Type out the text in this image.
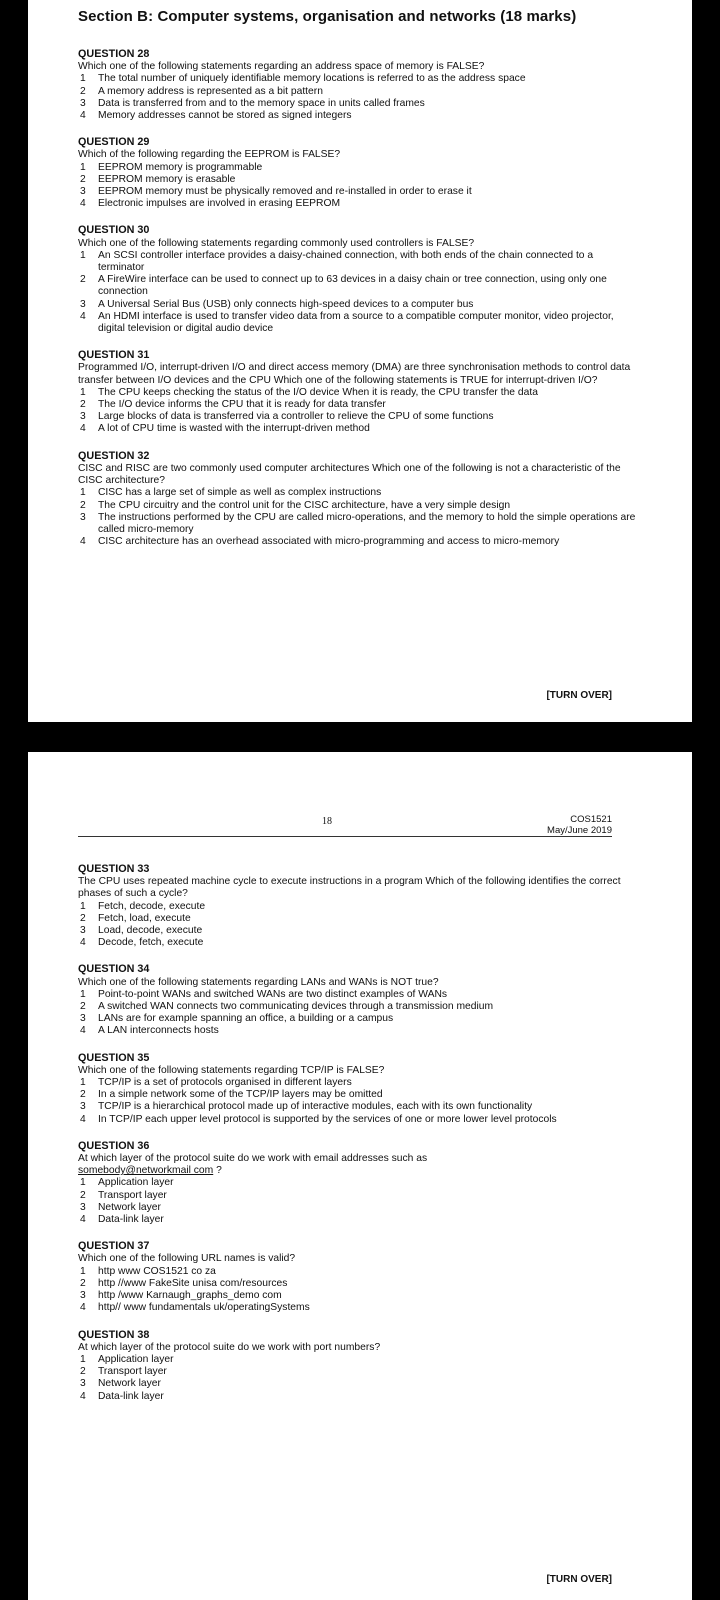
Section B: Computer systems, organisation and networks (18 marks)
QUESTION 28
Which one of the following statements regarding an address space of memory is FALSE?
1	The total number of uniquely identifiable memory locations is referred to as the address space
2	A memory address is represented as a bit pattern
3	Data is transferred from and to the memory space in units called frames
4	Memory addresses cannot be stored as signed integers
QUESTION 29
Which of the following regarding the EEPROM is FALSE?
1	EEPROM memory is programmable
2	EEPROM memory is erasable
3	EEPROM memory must be physically removed and re-installed in order to erase it
4	Electronic impulses are involved in erasing EEPROM
QUESTION 30
Which one of the following statements regarding commonly used controllers is FALSE?
1	An SCSI controller interface provides a daisy-chained connection, with both ends of the chain connected to a terminator
2	A FireWire interface can be used to connect up to 63 devices in a daisy chain or tree connection, using only one connection
3	A Universal Serial Bus (USB) only connects high-speed devices to a computer bus
4	An HDMI interface is used to transfer video data from a source to a compatible computer monitor, video projector, digital television or digital audio device
QUESTION 31
Programmed I/O, interrupt-driven I/O and direct access memory (DMA) are three synchronisation methods to control data transfer between I/O devices and the CPU Which one of the following statements is TRUE for interrupt-driven I/O?
1	The CPU keeps checking the status of the I/O device When it is ready, the CPU transfer the data
2	The I/O device informs the CPU that it is ready for data transfer
3	Large blocks of data is transferred via a controller to relieve the CPU of some functions
4	A lot of CPU time is wasted with the interrupt-driven method
QUESTION 32
CISC and RISC are two commonly used computer architectures Which one of the following is not a characteristic of the CISC architecture?
1	CISC has a large set of simple as well as complex instructions
2	The CPU circuitry and the control unit for the CISC architecture, have a very simple design
3	The instructions performed by the CPU are called micro-operations, and the memory to hold the simple operations are called micro-memory
4	CISC architecture has an overhead associated with micro-programming and access to micro-memory
[TURN OVER]
18	COS1521
May/June 2019
QUESTION 33
The CPU uses repeated machine cycle to execute instructions in a program Which of the following identifies the correct phases of such a cycle?
1	Fetch, decode, execute
2	Fetch, load, execute
3	Load, decode, execute
4	Decode, fetch, execute
QUESTION 34
Which one of the following statements regarding LANs and WANs is NOT true?
1	Point-to-point WANs and switched WANs are two distinct examples of WANs
2	A switched WAN connects two communicating devices through a transmission medium
3	LANs are for example spanning an office, a building or a campus
4	A LAN interconnects hosts
QUESTION 35
Which one of the following statements regarding TCP/IP is FALSE?
1	TCP/IP is a set of protocols organised in different layers
2	In a simple network some of the TCP/IP layers may be omitted
3	TCP/IP is a hierarchical protocol made up of interactive modules, each with its own functionality
4	In TCP/IP each upper level protocol is supported by the services of one or more lower level protocols
QUESTION 36
At which layer of the protocol suite do we work with email addresses such as
somebody@networkmail com ?
1	Application layer
2	Transport layer
3	Network layer
4	Data-link layer
QUESTION 37
Which one of the following URL names is valid?
1	http www COS1521 co za
2	http //www FakeSite unisa com/resources
3	http /www Karnaugh_graphs_demo com
4	http// www fundamentals uk/operatingSystems
QUESTION 38
At which layer of the protocol suite do we work with port numbers?
1	Application layer
2	Transport layer
3	Network layer
4	Data-link layer
[TURN OVER]
